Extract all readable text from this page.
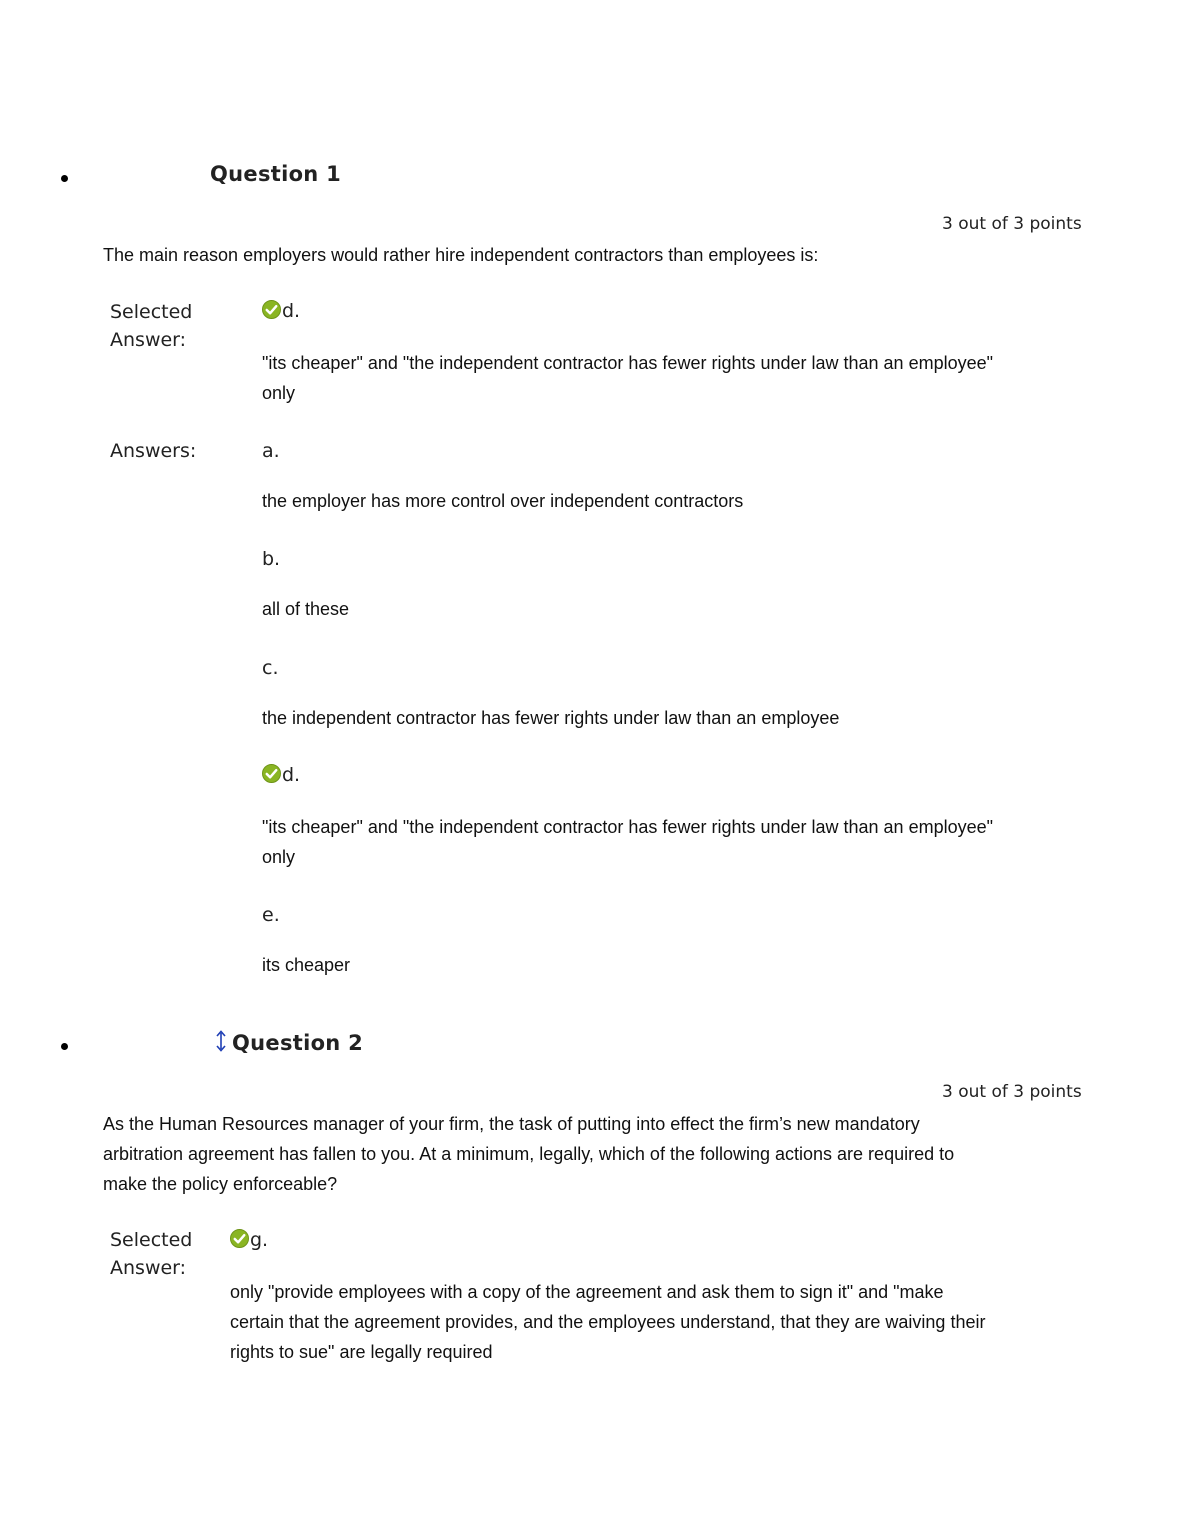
Question 1
3 out of 3 points
The main reason employers would rather hire independent contractors than employees is:
Selected Answer:
d.
"its cheaper" and "the independent contractor has fewer rights under law than an employee" only
Answers:	a.
the employer has more control over independent contractors
b.
all of these
c.
the independent contractor has fewer rights under law than an employee
d.
"its cheaper" and "the independent contractor has fewer rights under law than an employee" only
e.
its cheaper
Question 2
3 out of 3 points
As the Human Resources manager of your firm, the task of putting into effect the firm’s new mandatory arbitration agreement has fallen to you. At a minimum, legally, which of the following actions are required to make the policy enforceable?
Selected Answer:
g.
only "provide employees with a copy of the agreement and ask them to sign it" and "make certain that the agreement provides, and the employees understand, that they are waiving their rights to sue" are legally required
